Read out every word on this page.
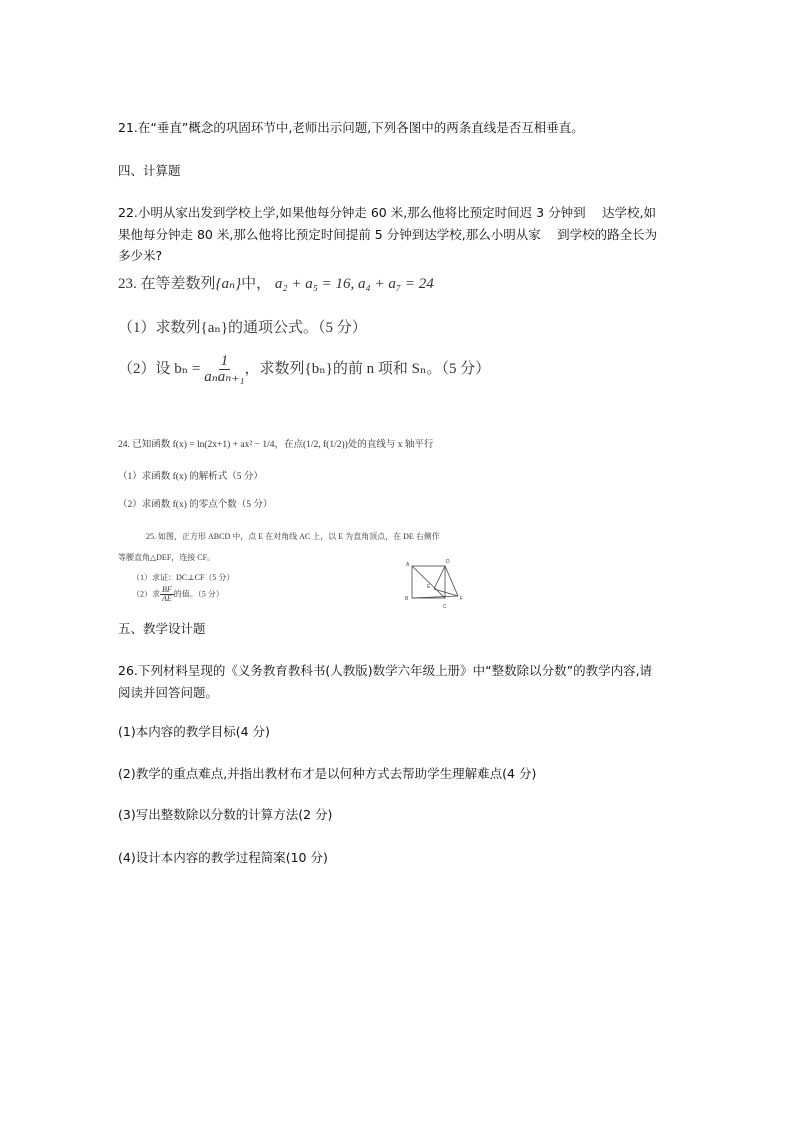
21.在“垂直”概念的巩固环节中,老师出示问题,下列各图中的两条直线是否互相垂直。
四、计算题
22.小明从家出发到学校上学,如果他每分钟走 60 米,那么他将比预定时间迟 3 分钟到　 达学校,如果他每分钟走 80 米,那么他将比预定时间提前 5 分钟到达学校,那么小明从家　 到学校的路全长为多少米?
23. 在等差数列{aₙ}中， a₂ + a₅ = 16, a₄ + a₇ = 24
（1）求数列{aₙ}的通项公式。（5 分）
（2）设 $b_n = \frac{1}{\text{aₙaₙ₊₁}}$ ，求数列{bₙ}的前 n 项和 Sₙ。（5 分）
24. 已知函数 f(x) = ln(2x+1) + ax² − 1/4，在点(1/2, f(1/2))处的直线与 x 轴平行
（1）求函数 f(x) 的解析式（5 分）
（2）求函数 f(x) 的零点个数（5 分）
25. 如图，正方形 ABCD 中，点 E 在对角线 AC 上，以 E 为直角顶点，在 DE 右侧作
等腰直角△DEF，连接 CF。
（1）求证：DC⊥CF（5 分）
（2）求 $\frac{BF}{AE}$ 的值。（5 分）
A	D
B
C
E
F
五、教学设计题
26.下列材料呈现的《义务教育教科书(人教版)数学六年级上册》中“整数除以分数”的教学内容,请阅读并回答问题。
(1)本内容的教学目标(4 分)
(2)教学的重点难点,并指出教材布才是以何种方式去帮助学生理解难点(4 分)
(3)写出整数除以分数的计算方法(2 分)
(4)设计本内容的教学过程简案(10 分)
